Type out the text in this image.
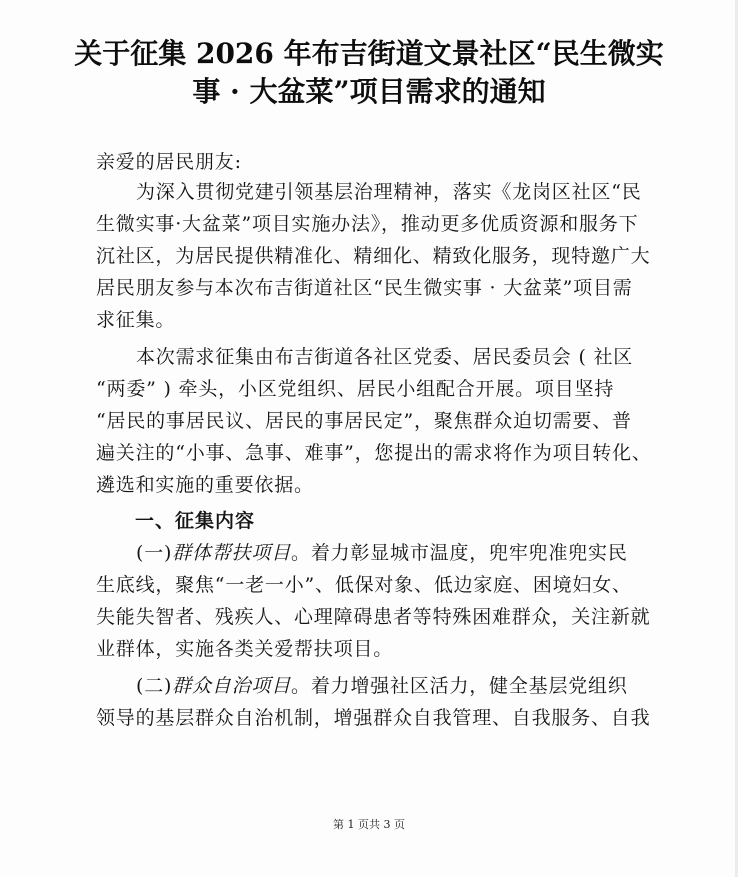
关于征集 2026 年布吉街道文景社区“民生微实
事 · 大盆菜”项目需求的通知

亲爱的居民朋友:

为深入贯彻党建引领基层治理精神，落实《龙岗区社区“民

生微实事·大盆菜”项目实施办法》，推动更多优质资源和服务下

沉社区，为居民提供精准化、精细化、精致化服务，现特邀广大

居民朋友参与本次布吉街道社区“民生微实事 · 大盆菜”项目需

求征集。

本次需求征集由布吉街道各社区党委、居民委员会 ( 社区

“两委” ) 牵头，小区党组织、居民小组配合开展。项目坚持

“居民的事居民议、居民的事居民定”，聚焦群众迫切需要、普

遍关注的“小事、急事、难事”，您提出的需求将作为项目转化、

遴选和实施的重要依据。

一、征集内容

(一)群体帮扶项目。着力彰显城市温度，兜牢兜准兜实民

生底线，聚焦“一老一小”、低保对象、低边家庭、困境妇女、

失能失智者、残疾人、心理障碍患者等特殊困难群众，关注新就

业群体，实施各类关爱帮扶项目。

(二)群众自治项目。着力增强社区活力，健全基层党组织

领导的基层群众自治机制，增强群众自我管理、自我服务、自我

第 1 页共 3 页
